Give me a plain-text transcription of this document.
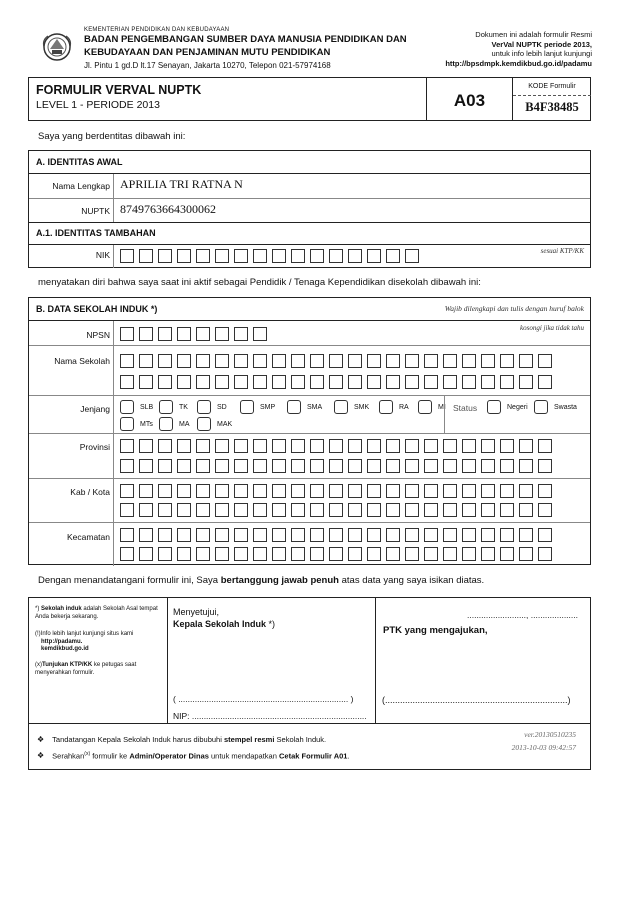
KEMENTERIAN PENDIDIKAN DAN KEBUDAYAAN
BADAN PENGEMBANGAN SUMBER DAYA MANUSIA PENDIDIKAN DAN
KEBUDAYAAN DAN PENJAMINAN MUTU PENDIDIKAN
Jl. Pintu 1 gd.D lt.17 Senayan, Jakarta 10270, Telepon 021-57974168
Dokumen ini adalah formulir Resmi
VerVal NUPTK periode 2013,
untuk info lebih lanjut kunjungi
http://bpsdmpk.kemdikbud.go.id/padamu
FORMULIR VERVAL NUPTK
LEVEL 1 - PERIODE 2013	A03
KODE Formulir
B4F38485
Saya yang berdentitas dibawah ini:
A. IDENTITAS AWAL
Nama Lengkap APRILIA TRI RATNA N
NUPTK 8749763664300062
A.1. IDENTITAS TAMBAHAN
NIK	sesuai KTP/KK
menyatakan diri bahwa saya saat ini aktif sebagai Pendidik / Tenaga Kependidikan disekolah dibawah ini:
B. DATA SEKOLAH INDUK *)	Wajib dilengkapi dan tulis dengan huruf balok
NPSN
kosongi jika tidak tahu
Nama Sekolah
Jenjang	SLB	TK	SD	SMP	SMA	SMK	RA	MI
MTs	MA	MAK
Status	Negeri	Swasta
Provinsi
Kab / Kota
Kecamatan
Dengan menandatangani formulir ini, Saya bertanggung jawab penuh atas data yang saya isikan diatas.
*) Sekolah induk adalah Sekolah Asal tempat Anda bekerja sekarang.
(!)Info lebih lanjut kunjungi situs kami
http://padamu.
kemdikbud.go.id
(x)Tunjukan KTP/KK ke petugas saat menyerahkan formulir.
Menyetujui,
Kepala Sekolah Induk *)
( ........................................................................ )
NIP: ..........................................................................
........................., ....................
PTK yang mengajukan,
(.........................................................................)
❖ Tandatangan Kepala Sekolah Induk harus dibubuhi stempel resmi Sekolah Induk.
❖ Serahkan$^{(x)}$ formulir ke Admin/Operator Dinas untuk mendapatkan Cetak Formulir A01.
ver.20130510235
2013-10-03 09:42:57
